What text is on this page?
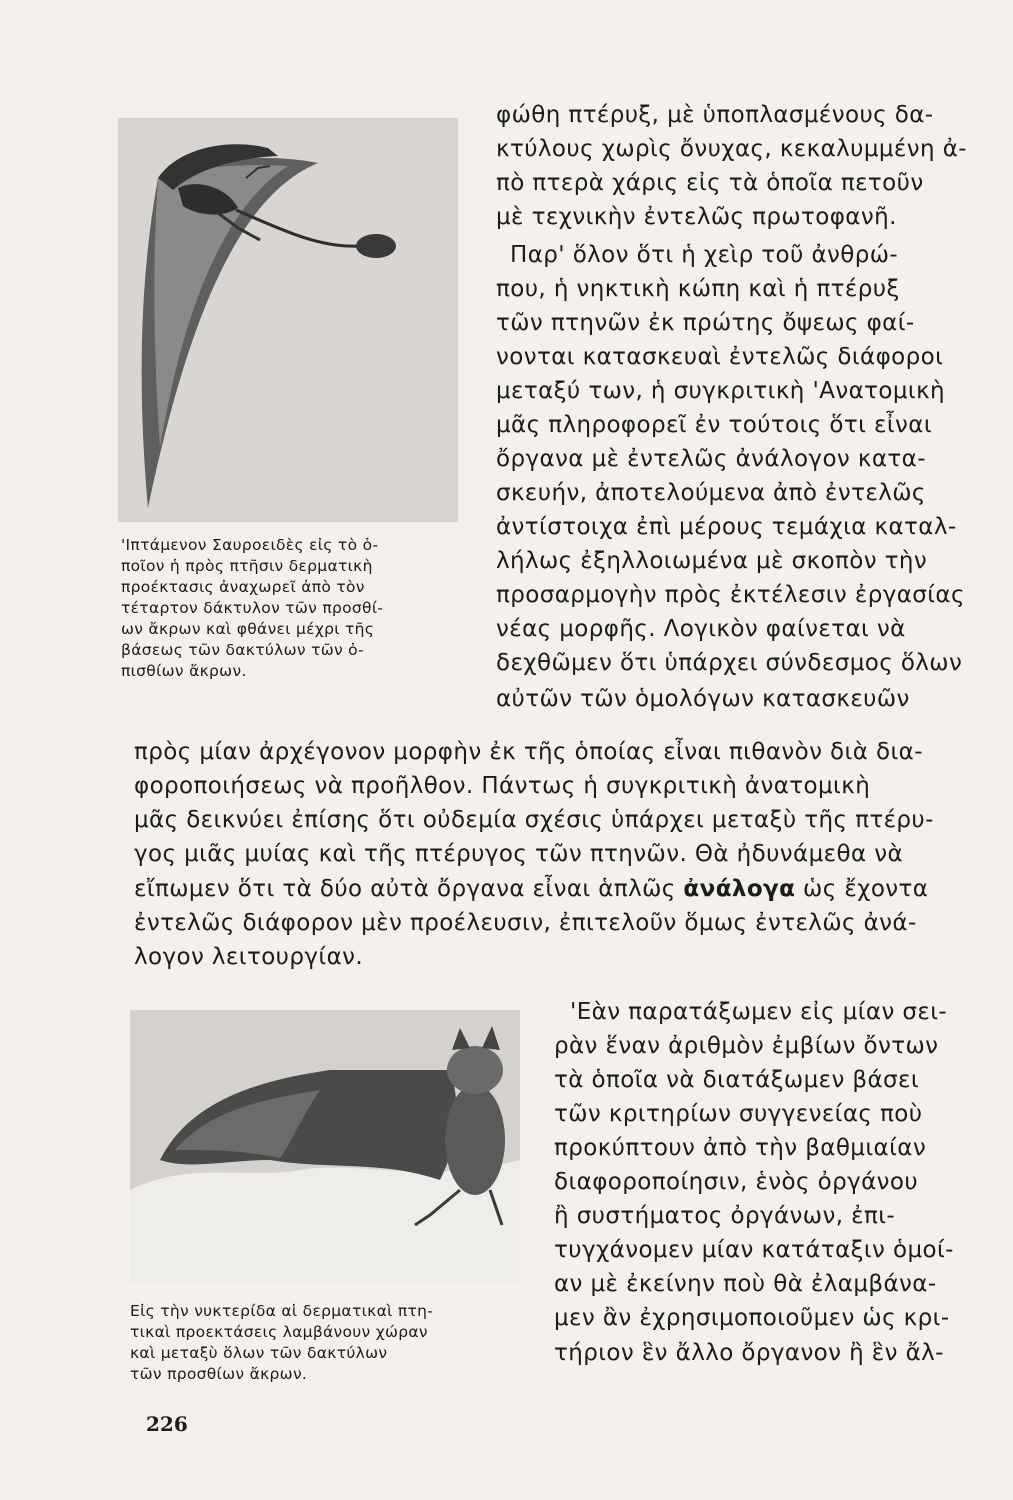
'Ιπτάμενον Σαυροειδὲς εἰς τὸ ὁ-
ποῖον ἡ πρὸς πτῆσιν δερματικὴ
προέκτασις ἀναχωρεῖ ἀπὸ τὸν
τέταρτον δάκτυλον τῶν προσθί-
ων ἄκρων καὶ φθάνει μέχρι τῆς
βάσεως τῶν δακτύλων τῶν ὀ-
πισθίων ἄκρων.
φώθη πτέρυξ, μὲ ὑποπλασμένους δα-
κτύλους χωρὶς ὄνυχας, κεκαλυμμένη ἀ-
πὸ πτερὰ χάρις εἰς τὰ ὁποῖα πετοῦν
μὲ τεχνικὴν ἐντελῶς πρωτοφανῆ.
Παρ' ὅλον ὅτι ἡ χεὶρ τοῦ ἀνθρώ-
που, ἡ νηκτικὴ κώπη καὶ ἡ πτέρυξ
τῶν πτηνῶν ἐκ πρώτης ὄψεως φαί-
νονται κατασκευαὶ ἐντελῶς διάφοροι
μεταξύ των, ἡ συγκριτικὴ 'Ανατομικὴ
μᾶς πληροφορεῖ ἐν τούτοις ὅτι εἶναι
ὄργανα μὲ ἐντελῶς ἀνάλογον κατα-
σκευήν, ἀποτελούμενα ἀπὸ ἐντελῶς
ἀντίστοιχα ἐπὶ μέρους τεμάχια καταλ-
λήλως ἐξηλλοιωμένα μὲ σκοπὸν τὴν
προσαρμογὴν πρὸς ἐκτέλεσιν ἐργασίας
νέας μορφῆς. Λογικὸν φαίνεται νὰ
δεχθῶμεν ὅτι ὑπάρχει σύνδεσμος ὅλων
αὐτῶν τῶν ὁμολόγων κατασκευῶν
πρὸς μίαν ἀρχέγονον μορφὴν ἐκ τῆς ὁποίας εἶναι πιθανὸν διὰ δια-
φοροποιήσεως νὰ προῆλθον. Πάντως ἡ συγκριτικὴ ἀνατομικὴ
μᾶς δεικνύει ἐπίσης ὅτι οὐδεμία σχέσις ὑπάρχει μεταξὺ τῆς πτέρυ-
γος μιᾶς μυίας καὶ τῆς πτέρυγος τῶν πτηνῶν. Θὰ ἠδυνάμεθα νὰ
εἴπωμεν ὅτι τὰ δύο αὐτὰ ὄργανα εἶναι ἁπλῶς ἀνάλογα ὡς ἔχοντα
ἐντελῶς διάφορον μὲν προέλευσιν, ἐπιτελοῦν ὅμως ἐντελῶς ἀνά-
λογον λειτουργίαν.
Εἰς τὴν νυκτερίδα αἱ δερματικαὶ πτη-
τικαὶ προεκτάσεις λαμβάνουν χώραν
καὶ μεταξὺ ὅλων τῶν δακτύλων
τῶν προσθίων ἄκρων.
'Εὰν παρατάξωμεν εἰς μίαν σει-
ρὰν ἕναν ἀριθμὸν ἐμβίων ὄντων
τὰ ὁποῖα νὰ διατάξωμεν βάσει
τῶν κριτηρίων συγγενείας ποὺ
προκύπτουν ἀπὸ τὴν βαθμιαίαν
διαφοροποίησιν, ἑνὸς ὀργάνου
ἢ συστήματος ὀργάνων, ἐπι-
τυγχάνομεν μίαν κατάταξιν ὁμοί-
αν μὲ ἐκείνην ποὺ θὰ ἐλαμβάνα-
μεν ἂν ἐχρησιμοποιοῦμεν ὡς κρι-
τήριον ἓν ἄλλο ὄργανον ἢ ἓν ἄλ-
226
